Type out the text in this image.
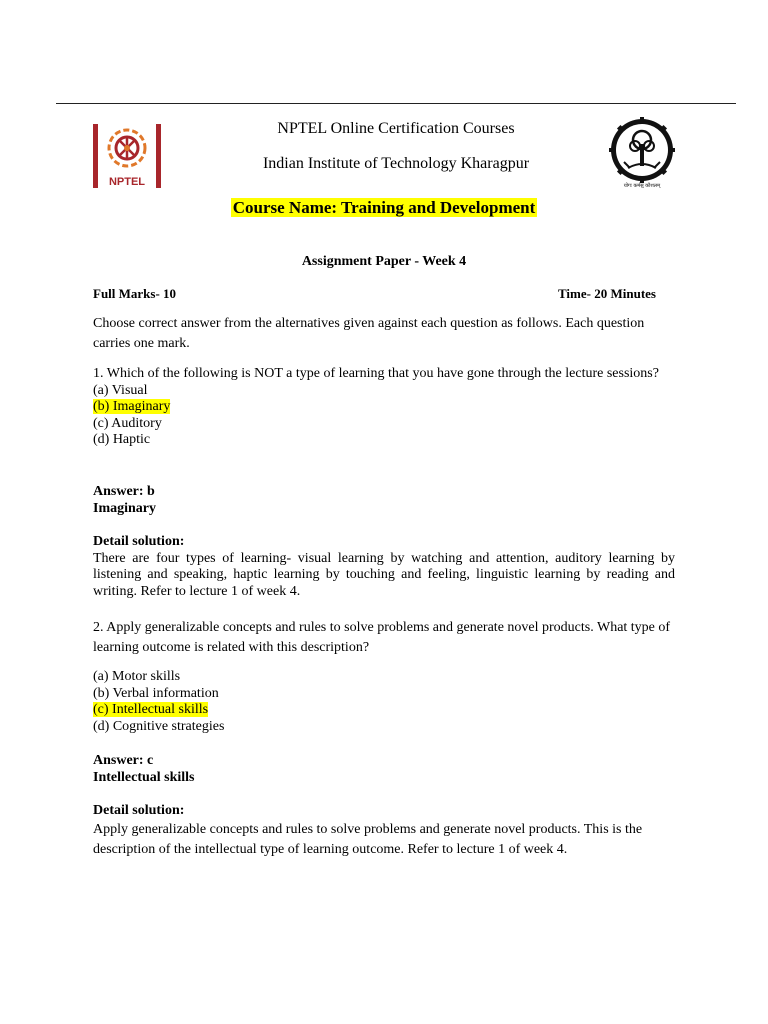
NPTEL	योगः कर्मसु कौशलम्
NPTEL Online Certification Courses
Indian Institute of Technology Kharagpur
Course Name: Training and Development
Assignment Paper - Week 4
Full Marks- 10	Time- 20 Minutes

Choose correct answer from the alternatives given against each question as follows. Each question carries one mark.

1. Which of the following is NOT a type of learning that you have gone through the lecture sessions?

(a) Visual
(b) Imaginary
(c) Auditory
(d) Haptic
Answer: b
Imaginary
Detail solution:

There are four types of learning- visual learning by watching and attention, auditory learning by listening and speaking, haptic learning by touching and feeling, linguistic learning by reading and writing. Refer to lecture 1 of week 4.

2. Apply generalizable concepts and rules to solve problems and generate novel products. What type of learning outcome is related with this description?

(a) Motor skills
(b) Verbal information
(c) Intellectual skills
(d) Cognitive strategies
Answer: c
Intellectual skills
Detail solution:

Apply generalizable concepts and rules to solve problems and generate novel products. This is the description of the intellectual type of learning outcome. Refer to lecture 1 of week 4.
